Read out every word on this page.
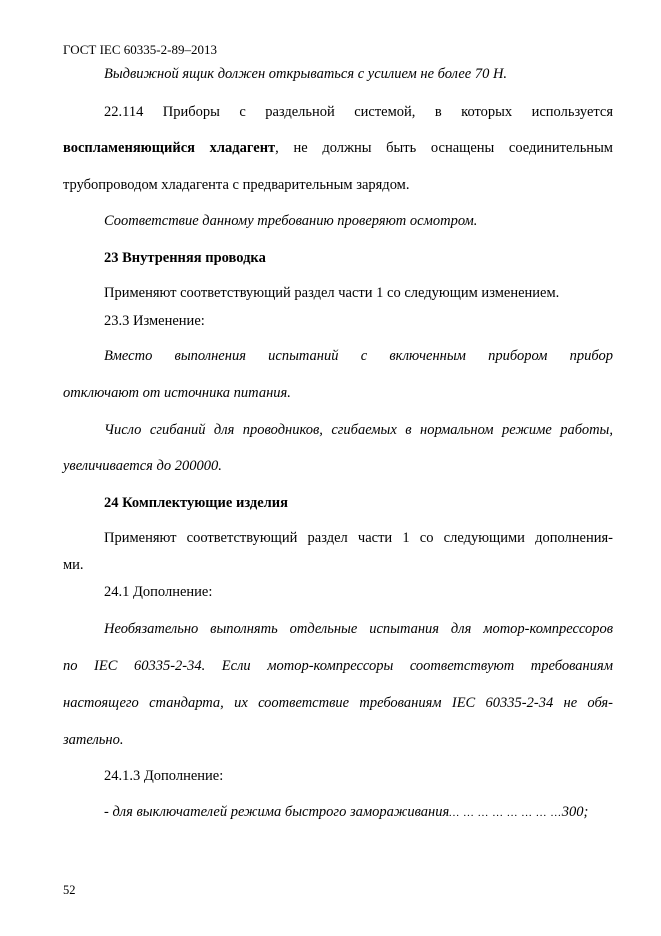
ГОСТ IEC 60335-2-89–2013
Выдвижной ящик должен открываться с усилием не более 70 Н.
22.114 Приборы с раздельной системой, в которых используется
воспламеняющийся хладагент, не должны быть оснащены соединительным
трубопроводом хладагента с предварительным зарядом.
Соответствие данному требованию проверяют осмотром.
23 Внутренняя проводка
Применяют соответствующий раздел части 1 со следующим изменением.
23.3 Изменение:
Вместо выполнения испытаний с включенным прибором прибор
отключают от источника питания.
Число сгибаний для проводников, сгибаемых в нормальном режиме работы,
увеличивается до 200000.
24 Комплектующие изделия
Применяют соответствующий раздел части 1 со следующими дополнения-
ми.
24.1 Дополнение:
Необязательно выполнять отдельные испытания для мотор-компрессоров
по IEC 60335-2-34. Если мотор-компрессоры соответствуют требованиям
настоящего стандарта, их соответствие требованиям IEC 60335-2-34 не обя-
зательно.
24.1.3 Дополнение:
- для выключателей режима быстрого замораживания… … … … … … … …300;
52
